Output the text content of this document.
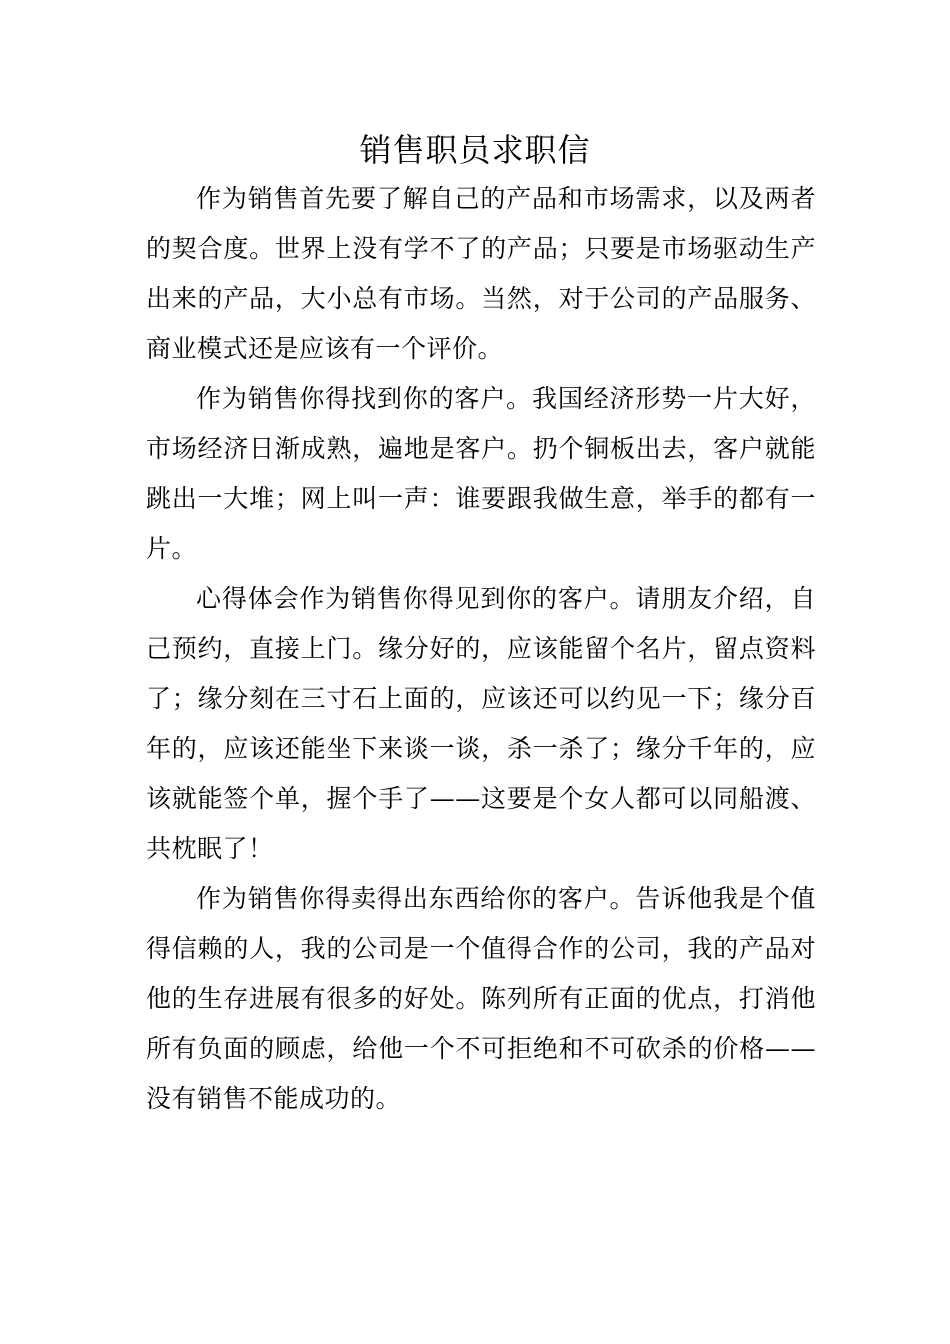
销售职员求职信

作为销售首先要了解自己的产品和市场需求，以及两者的契合度。世界上没有学不了的产品；只要是市场驱动生产出来的产品，大小总有市场。当然，对于公司的产品服务、商业模式还是应该有一个评价。

作为销售你得找到你的客户。我国经济形势一片大好，市场经济日渐成熟，遍地是客户。扔个铜板出去，客户就能跳出一大堆；网上叫一声：谁要跟我做生意，举手的都有一片。

心得体会作为销售你得见到你的客户。请朋友介绍，自己预约，直接上门。缘分好的，应该能留个名片，留点资料了；缘分刻在三寸石上面的，应该还可以约见一下；缘分百年的，应该还能坐下来谈一谈，杀一杀了；缘分千年的，应该就能签个单，握个手了——这要是个女人都可以同船渡、共枕眠了！

作为销售你得卖得出东西给你的客户。告诉他我是个值得信赖的人，我的公司是一个值得合作的公司，我的产品对他的生存进展有很多的好处。陈列所有正面的优点，打消他所有负面的顾虑，给他一个不可拒绝和不可砍杀的价格——没有销售不能成功的。
